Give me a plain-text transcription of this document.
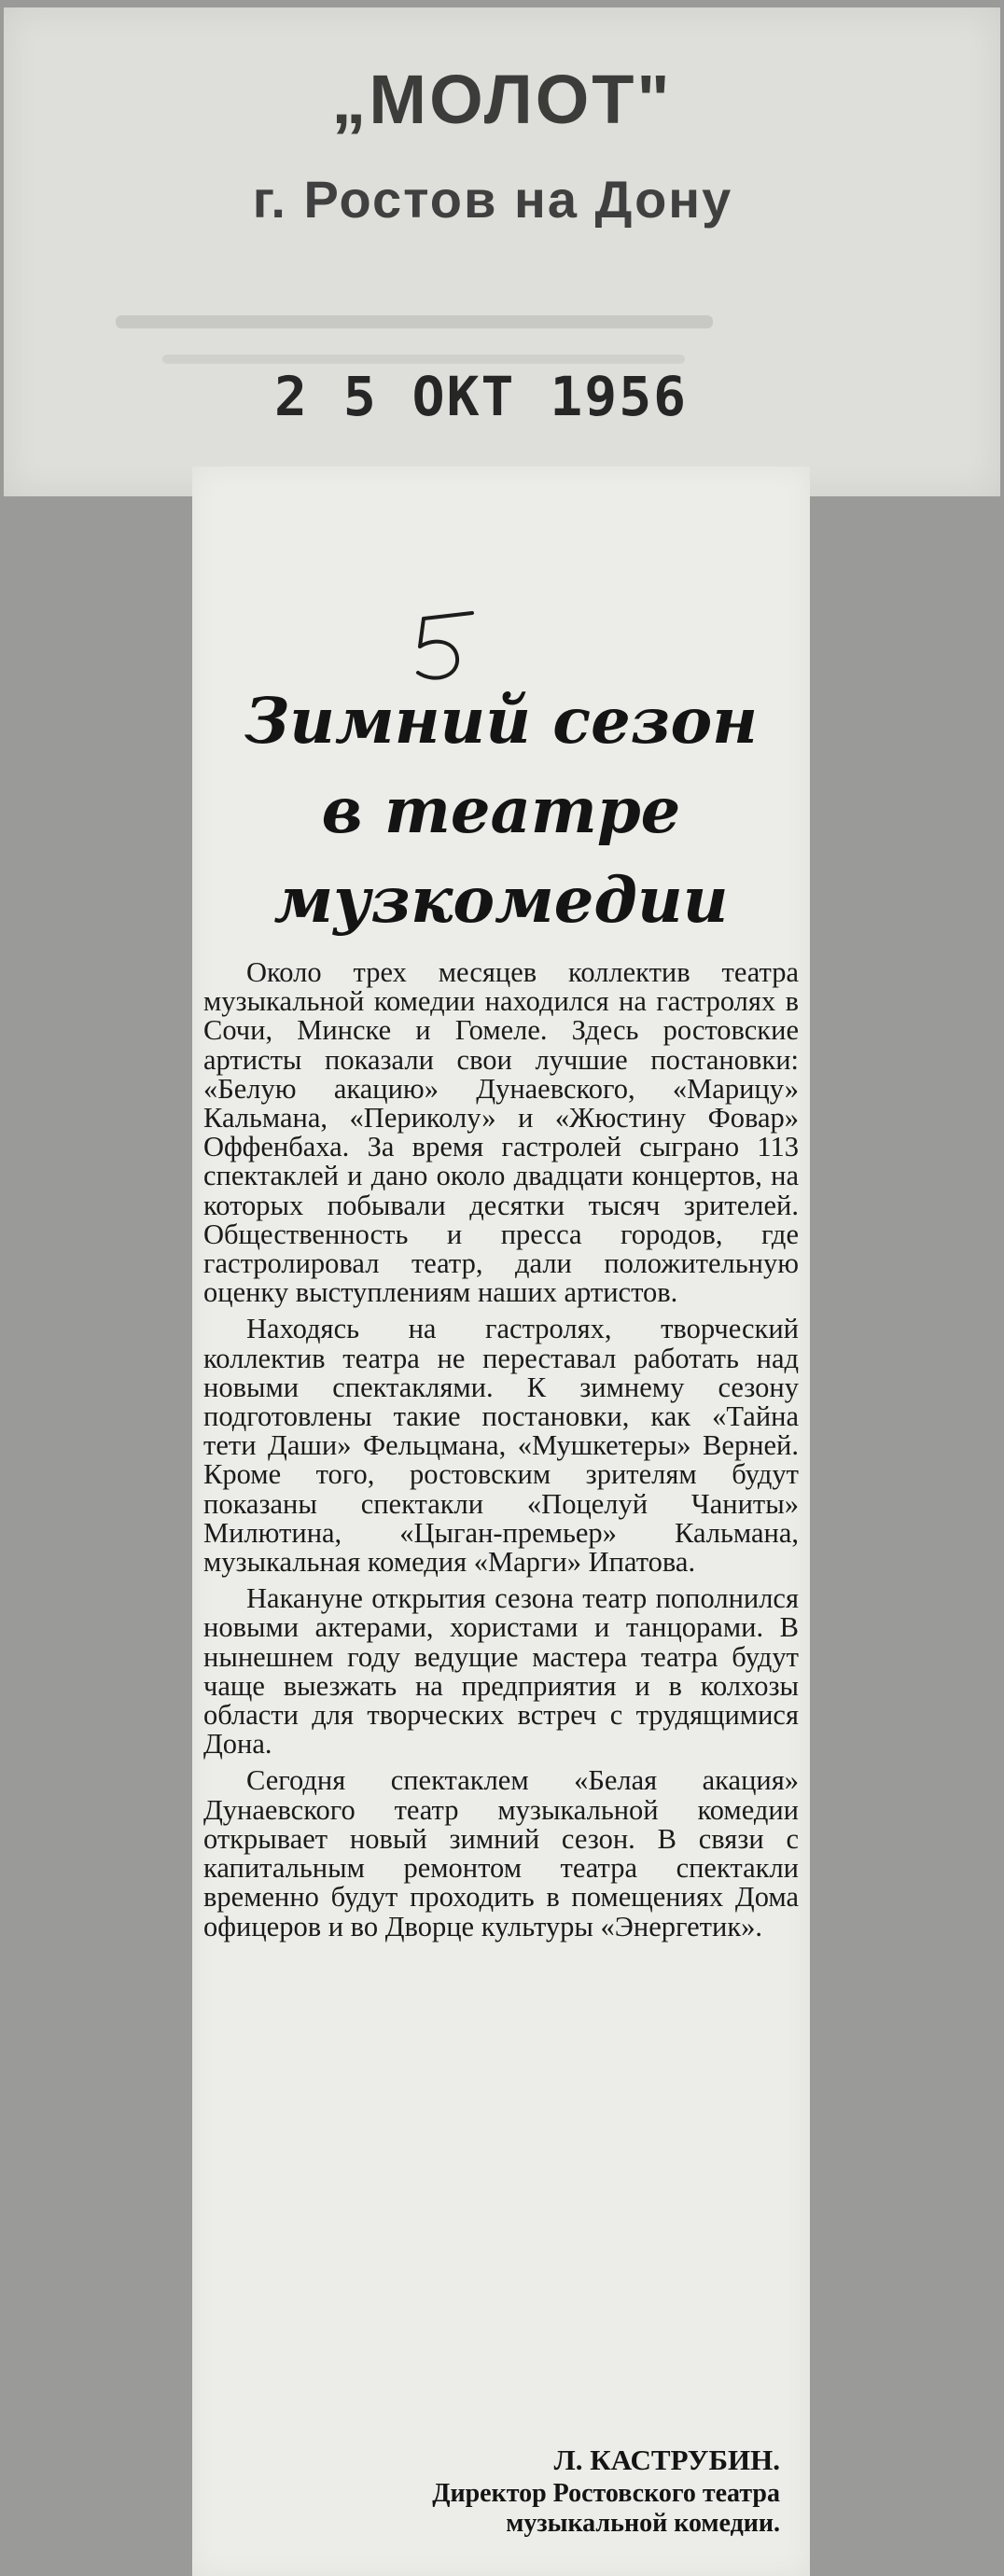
„МОЛОТ"
г. Ростов на Дону
2 5 ОКТ 1956
Зимний сезон
в театре
музкомедии

Около трех месяцев коллектив театра музыкальной комедии находился на гастролях в Сочи, Минске и Гомеле. Здесь ростовские артисты показали свои лучшие постановки: «Белую акацию» Дунаевского, «Марицу» Кальмана, «Периколу» и «Жюстину Фовар» Оффенбаха. За время гастролей сыграно 113 спектаклей и дано около двадцати концертов, на которых побывали десятки тысяч зрителей. Общественность и пресса городов, где гастролировал театр, дали положительную оценку выступлениям наших артистов.

Находясь на гастролях, творческий коллектив театра не переставал работать над новыми спектаклями. К зимнему сезону подготовлены такие постановки, как «Тайна тети Даши» Фельцмана, «Мушкетеры» Верней. Кроме того, ростовским зрителям будут показаны спектакли «Поцелуй Чаниты» Милютина, «Цыган-премьер» Кальмана, музыкальная комедия «Марги» Ипатова.

Накануне открытия сезона театр пополнился новыми актерами, хористами и танцорами. В нынешнем году ведущие мастера театра будут чаще выезжать на предприятия и в колхозы области для творческих встреч с трудящимися Дона.

Сегодня спектаклем «Белая акация» Дунаевского театр музыкальной комедии открывает новый зимний сезон. В связи с капитальным ремонтом театра спектакли временно будут проходить в помещениях Дома офицеров и во Дворце культуры «Энергетик».

Л. КАСТРУБИН.
Директор Ростовского театра
музыкальной комедии.
